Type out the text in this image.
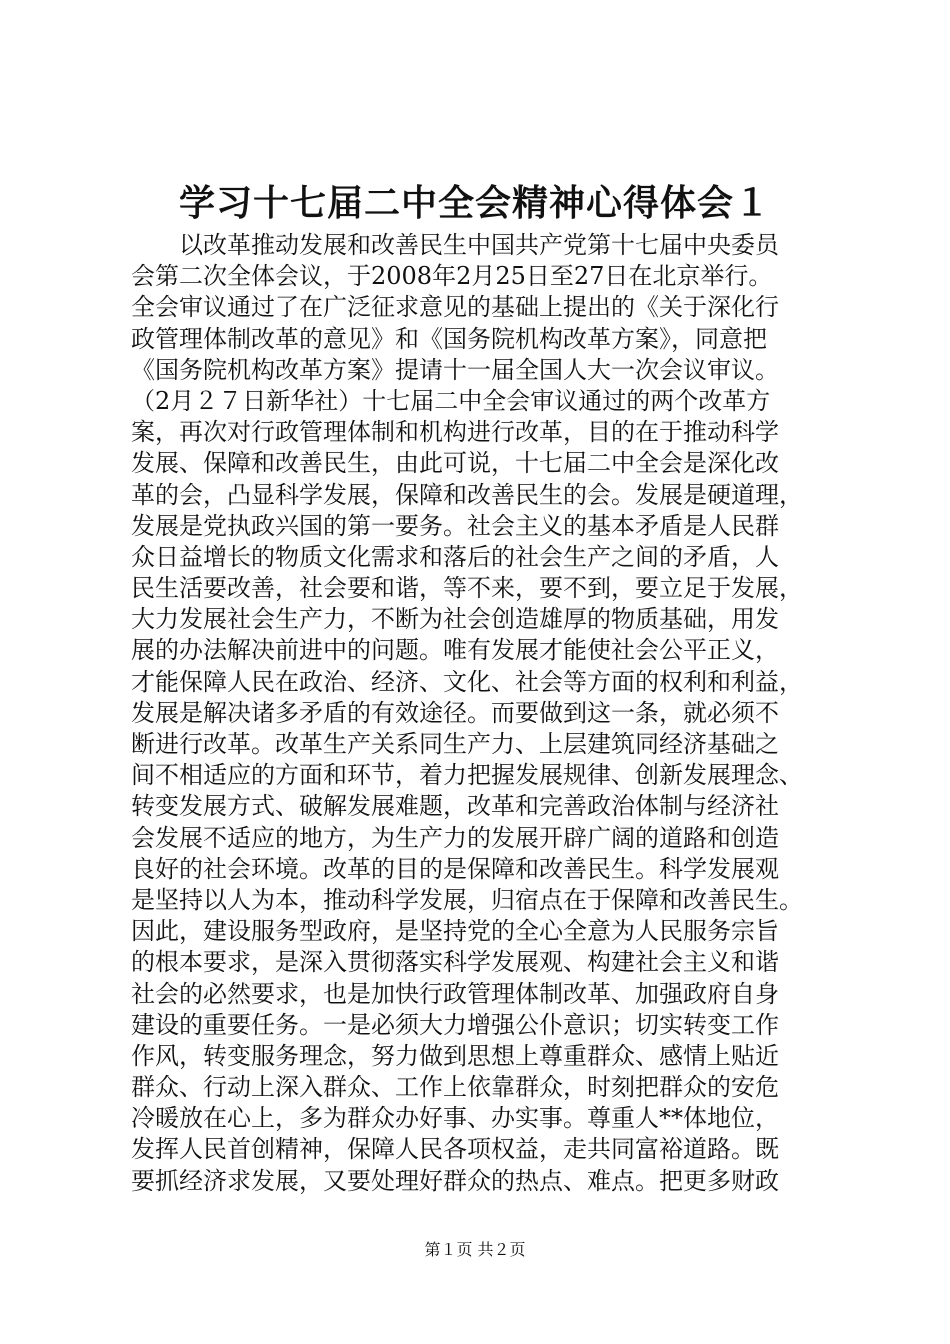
学习十七届二中全会精神心得体会１
以改革推动发展和改善民生中国共产党第十七届中央委员
会第二次全体会议，于2008年2月25日至27日在北京举行。
全会审议通过了在广泛征求意见的基础上提出的《关于深化行
政管理体制改革的意见》和《国务院机构改革方案》，同意把
《国务院机构改革方案》提请十一届全国人大一次会议审议。
（2月２７日新华社）十七届二中全会审议通过的两个改革方
案，再次对行政管理体制和机构进行改革，目的在于推动科学
发展、保障和改善民生，由此可说，十七届二中全会是深化改
革的会，凸显科学发展，保障和改善民生的会。发展是硬道理，
发展是党执政兴国的第一要务。社会主义的基本矛盾是人民群
众日益增长的物质文化需求和落后的社会生产之间的矛盾，人
民生活要改善，社会要和谐，等不来，要不到，要立足于发展，
大力发展社会生产力，不断为社会创造雄厚的物质基础，用发
展的办法解决前进中的问题。唯有发展才能使社会公平正义，
才能保障人民在政治、经济、文化、社会等方面的权利和利益，
发展是解决诸多矛盾的有效途径。而要做到这一条，就必须不
断进行改革。改革生产关系同生产力、上层建筑同经济基础之
间不相适应的方面和环节，着力把握发展规律、创新发展理念、
转变发展方式、破解发展难题，改革和完善政治体制与经济社
会发展不适应的地方，为生产力的发展开辟广阔的道路和创造
良好的社会环境。改革的目的是保障和改善民生。科学发展观
是坚持以人为本，推动科学发展，归宿点在于保障和改善民生。
因此，建设服务型政府，是坚持党的全心全意为人民服务宗旨
的根本要求，是深入贯彻落实科学发展观、构建社会主义和谐
社会的必然要求，也是加快行政管理体制改革、加强政府自身
建设的重要任务。一是必须大力增强公仆意识；切实转变工作
作风，转变服务理念，努力做到思想上尊重群众、感情上贴近
群众、行动上深入群众、工作上依靠群众，时刻把群众的安危
冷暖放在心上，多为群众办好事、办实事。尊重人**体地位，
发挥人民首创精神，保障人民各项权益，走共同富裕道路。既
要抓经济求发展，又要处理好群众的热点、难点。把更多财政
第１页 共２页
